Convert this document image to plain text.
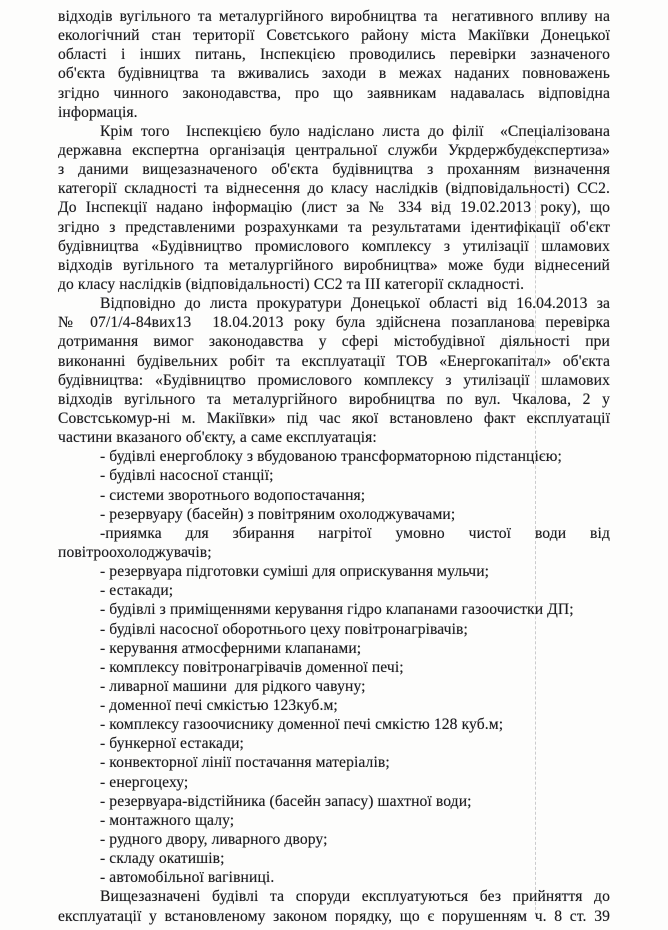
відходів вугільного та металургійного виробництва та  негативного впливу на
екологічний стан території Совєтського району міста Макіївки Донецької
області і інших питань, Інспекцією проводились перевірки зазначеного
об'єкта будівництва та вживались заходи в межах наданих повноважень
згідно чинного законодавства, про що заявникам надавалась відповідна
інформація.
Крім того  Інспекцією було надіслано листа до філії  «Спеціалізована
державна експертна організація центральної служби Укрдержбудекспертиза»
з даними вищезазначеного об'єкта будівництва з проханням визначення
категорії складності та віднесення до класу наслідків (відповідальності) СС2.
До Інспекції надано інформацію (лист за № 334 від 19.02.2013 року), що
згідно з представленими розрахунками та результатами ідентифікації об'єкт
будівництва «Будівництво промислового комплексу з утилізації шламових
відходів вугільного та металургійного виробництва» може буди віднесений
до класу наслідків (відповідальності) СС2 та ІІІ категорії складності.
Відповідно до листа прокуратури Донецької області від 16.04.2013 за
№ 07/1/4-84вих13  18.04.2013 року була здійснена позапланова перевірка
дотримання вимог законодавства у сфері містобудівної діяльності при
виконанні будівельних робіт та експлуатації ТОВ «Енергокапітал» об'єкта
будівництва: «Будівництво промислового комплексу з утилізації шламових
відходів вугільного та металургійного виробництва по вул. Чкалова, 2 у
Совстськомур-ні м. Макіївки» під час якої встановлено факт експлуатації
частини вказаного об'єкту, а саме експлуатація:
- будівлі енергоблоку з вбудованою трансформаторною підстанцією;
- будівлі насосної станції;
- системи зворотнього водопостачання;
- резервуару (басейн) з повітряним охолоджувачами;
-приямка для збирання нагрітої умовно чистої води від
повітроохолоджувачів;
- резервуара підготовки суміші для оприскування мульчи;
- естакади;
- будівлі з приміщеннями керування гідро клапанами газоочистки ДП;
- будівлі насосної оборотнього цеху повітронагрівачів;
- керування атмосферними клапанами;
- комплексу повітронагрівачів доменної печі;
- ливарної машини  для рідкого чавуну;
- доменної печі смкістью 123куб.м;
- комплексу газоочиснику доменної печі смкістю 128 куб.м;
- бункерної естакади;
- конвекторної лінії постачання матеріалів;
- енергоцеху;
- резервуара-відстійника (басейн запасу) шахтної води;
- монтажного щалу;
- рудного двору, ливарного двору;
- складу окатишів;
- автомобільної вагівниці.
Вищезазначені будівлі та споруди експлуатуються без прийняття до
експлуатації у встановленому законом порядку, що є порушенням ч. 8 ст. 39
